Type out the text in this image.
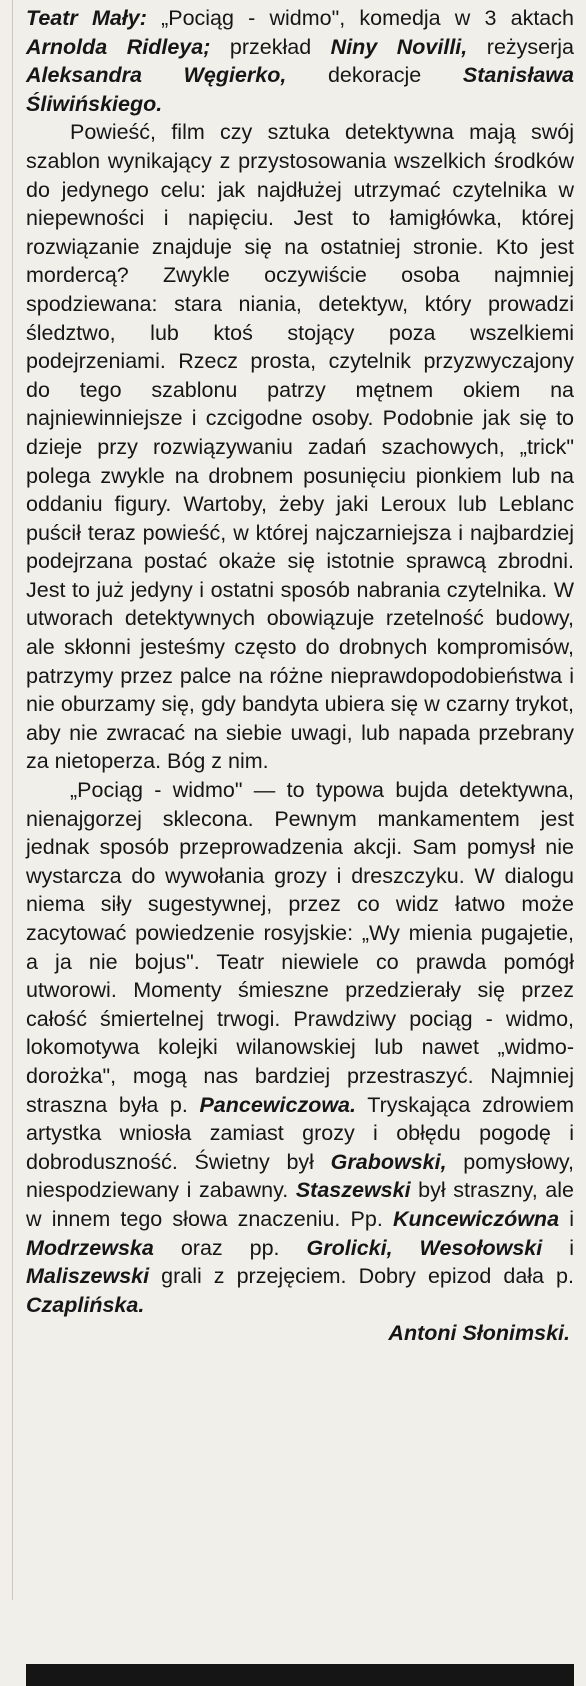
Teatr Mały: „Pociąg - widmo", komedja w 3 aktach Arnolda Ridleya; przekład Niny Novilli, reżyserja Aleksandra Węgierko, dekoracje Stanisława Śliwińskiego.

Powieść, film czy sztuka detektywna mają swój szablon wynikający z przystosowania wszelkich środków do jedynego celu: jak najdłużej utrzymać czytelnika w niepewności i napięciu. Jest to łamigłówka, której rozwiązanie znajduje się na ostatniej stronie. Kto jest mordercą? Zwykle oczywiście osoba najmniej spodziewana: stara niania, detektyw, który prowadzi śledztwo, lub ktoś stojący poza wszelkiemi podejrzeniami. Rzecz prosta, czytelnik przyzwyczajony do tego szablonu patrzy mętnem okiem na najniewinniejsze i czcigodne osoby. Podobnie jak się to dzieje przy rozwiązywaniu zadań szachowych, „trick" polega zwykle na drobnem posunięciu pionkiem lub na oddaniu figury. Wartoby, żeby jaki Leroux lub Leblanc puścił teraz powieść, w której najczarniejsza i najbardziej podejrzana postać okaże się istotnie sprawcą zbrodni. Jest to już jedyny i ostatni sposób nabrania czytelnika. W utworach detektywnych obowiązuje rzetelność budowy, ale skłonni jesteśmy często do drobnych kompromisów, patrzymy przez palce na różne nieprawdopodobieństwa i nie oburzamy się, gdy bandyta ubiera się w czarny trykot, aby nie zwracać na siebie uwagi, lub napada przebrany za nietoperza. Bóg z nim.

„Pociąg - widmo" — to typowa bujda detektywna, nienajgorzej sklecona. Pewnym mankamentem jest jednak sposób przeprowadzenia akcji. Sam pomysł nie wystarcza do wywołania grozy i dreszczyku. W dialogu niema siły sugestywnej, przez co widz łatwo może zacytować powiedzenie rosyjskie: „Wy mienia pugajetie, a ja nie bojus". Teatr niewiele co prawda pomógł utworowi. Momenty śmieszne przedzierały się przez całość śmiertelnej trwogi. Prawdziwy pociąg - widmo, lokomotywa kolejki wilanowskiej lub nawet „widmo-dorożka", mogą nas bardziej przestraszyć. Najmniej straszna była p. Pancewiczowa. Tryskająca zdrowiem artystka wniosła zamiast grozy i obłędu pogodę i dobroduszność. Świetny był Grabowski, pomysłowy, niespodziewany i zabawny. Staszewski był straszny, ale w innem tego słowa znaczeniu. Pp. Kuncewiczówna i Modrzewska oraz pp. Grolicki, Wesołowski i Maliszewski grali z przejęciem. Dobry epizod dała p. Czaplińska.

Antoni Słonimski.
